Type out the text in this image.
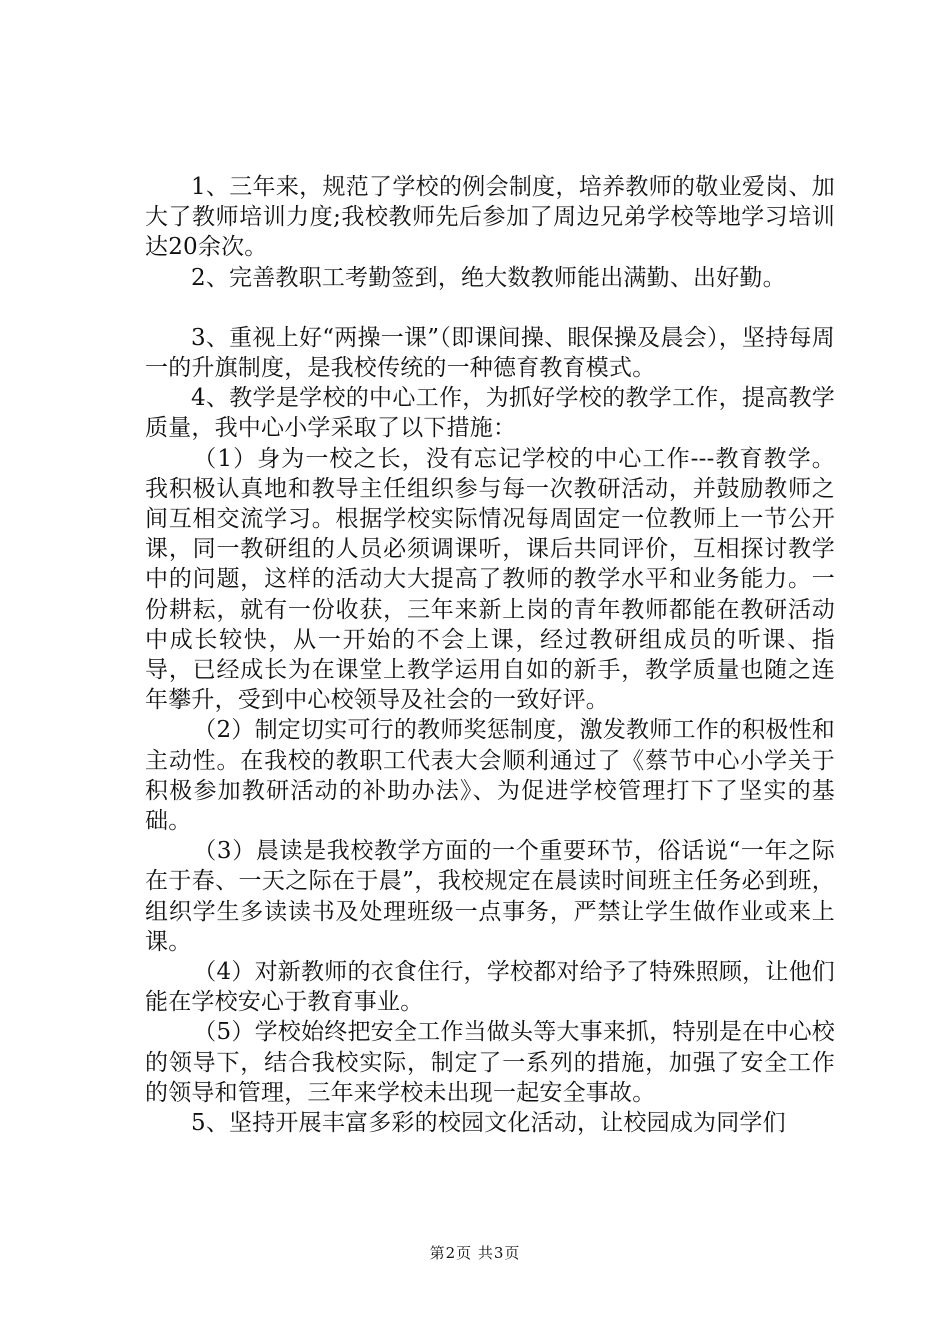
1、三年来，规范了学校的例会制度，培养教师的敬业爱岗、加大了教师培训力度;我校教师先后参加了周边兄弟学校等地学习培训达20余次。

2、完善教职工考勤签到，绝大数教师能出满勤、出好勤。

3、重视上好“两操一课”（即课间操、眼保操及晨会），坚持每周一的升旗制度，是我校传统的一种德育教育模式。

4、教学是学校的中心工作，为抓好学校的教学工作，提高教学质量，我中心小学采取了以下措施：

（1）身为一校之长，没有忘记学校的中心工作---教育教学。我积极认真地和教导主任组织参与每一次教研活动，并鼓励教师之间互相交流学习。根据学校实际情况每周固定一位教师上一节公开课，同一教研组的人员必须调课听，课后共同评价，互相探讨教学中的问题，这样的活动大大提高了教师的教学水平和业务能力。一份耕耘，就有一份收获，三年来新上岗的青年教师都能在教研活动中成长较快，从一开始的不会上课，经过教研组成员的听课、指导，已经成长为在课堂上教学运用自如的新手，教学质量也随之连年攀升，受到中心校领导及社会的一致好评。

（2）制定切实可行的教师奖惩制度，激发教师工作的积极性和主动性。在我校的教职工代表大会顺利通过了《蔡节中心小学关于积极参加教研活动的补助办法》、为促进学校管理打下了坚实的基础。

（3）晨读是我校教学方面的一个重要环节，俗话说“一年之际在于春、一天之际在于晨”，我校规定在晨读时间班主任务必到班，组织学生多读读书及处理班级一点事务，严禁让学生做作业或来上课。

（4）对新教师的衣食住行，学校都对给予了特殊照顾，让他们能在学校安心于教育事业。

（5）学校始终把安全工作当做头等大事来抓，特别是在中心校的领导下，结合我校实际，制定了一系列的措施，加强了安全工作的领导和管理，三年来学校未出现一起安全事故。

5、坚持开展丰富多彩的校园文化活动，让校园成为同学们

第2页 共3页
